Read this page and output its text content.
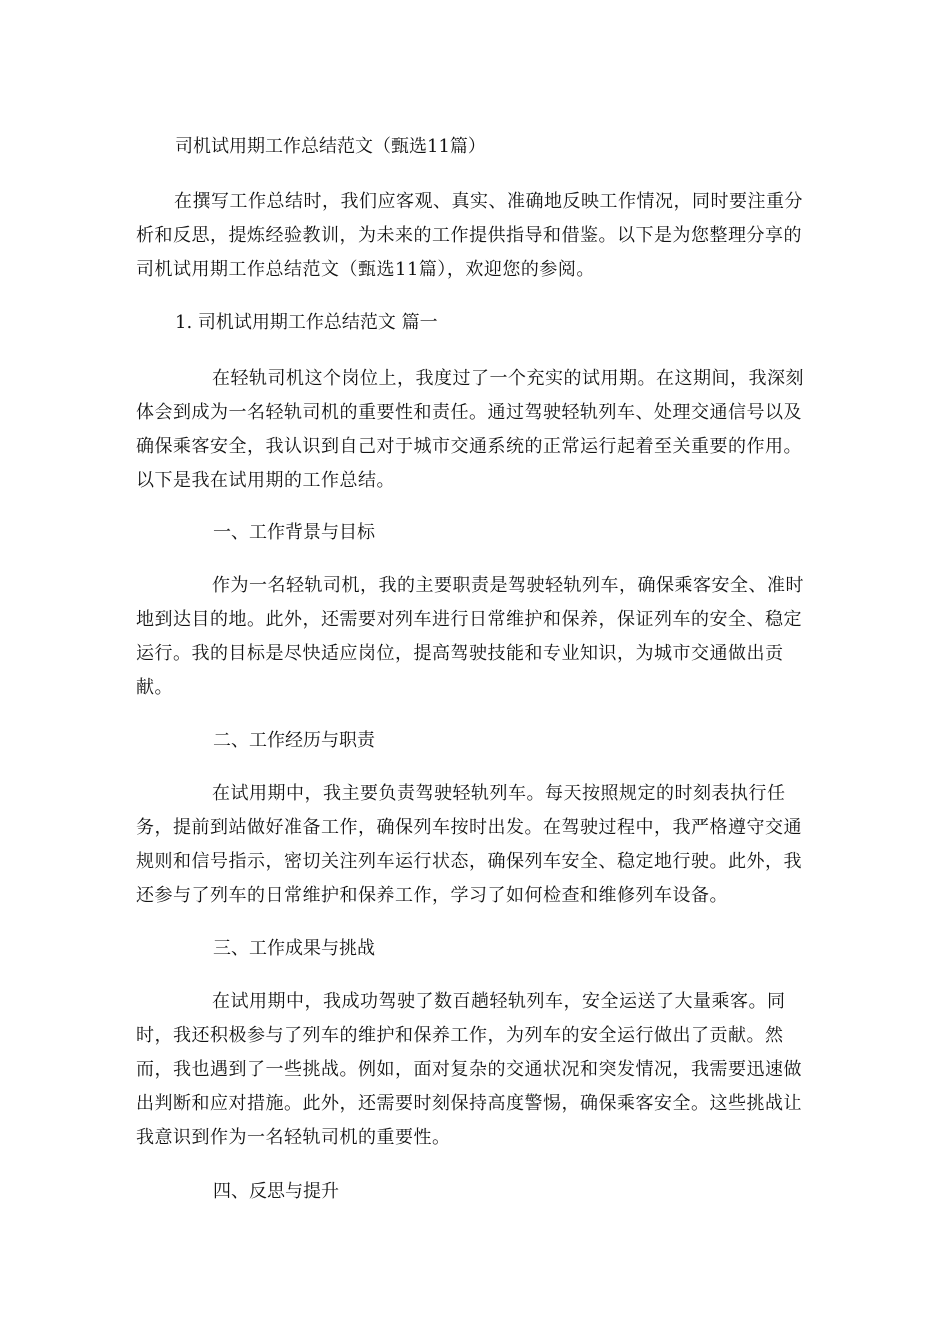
司机试用期工作总结范文（甄选11篇）

在撰写工作总结时，我们应客观、真实、准确地反映工作情况，同时要注重分析和反思，提炼经验教训，为未来的工作提供指导和借鉴。以下是为您整理分享的司机试用期工作总结范文（甄选11篇），欢迎您的参阅。

1. 司机试用期工作总结范文 篇一

在轻轨司机这个岗位上，我度过了一个充实的试用期。在这期间，我深刻体会到成为一名轻轨司机的重要性和责任。通过驾驶轻轨列车、处理交通信号以及确保乘客安全，我认识到自己对于城市交通系统的正常运行起着至关重要的作用。以下是我在试用期的工作总结。

一、工作背景与目标

作为一名轻轨司机，我的主要职责是驾驶轻轨列车，确保乘客安全、准时地到达目的地。此外，还需要对列车进行日常维护和保养，保证列车的安全、稳定运行。我的目标是尽快适应岗位，提高驾驶技能和专业知识，为城市交通做出贡献。

二、工作经历与职责

在试用期中，我主要负责驾驶轻轨列车。每天按照规定的时刻表执行任务，提前到站做好准备工作，确保列车按时出发。在驾驶过程中，我严格遵守交通规则和信号指示，密切关注列车运行状态，确保列车安全、稳定地行驶。此外，我还参与了列车的日常维护和保养工作，学习了如何检查和维修列车设备。

三、工作成果与挑战

在试用期中，我成功驾驶了数百趟轻轨列车，安全运送了大量乘客。同时，我还积极参与了列车的维护和保养工作，为列车的安全运行做出了贡献。然而，我也遇到了一些挑战。例如，面对复杂的交通状况和突发情况，我需要迅速做出判断和应对措施。此外，还需要时刻保持高度警惕，确保乘客安全。这些挑战让我意识到作为一名轻轨司机的重要性。

四、反思与提升
